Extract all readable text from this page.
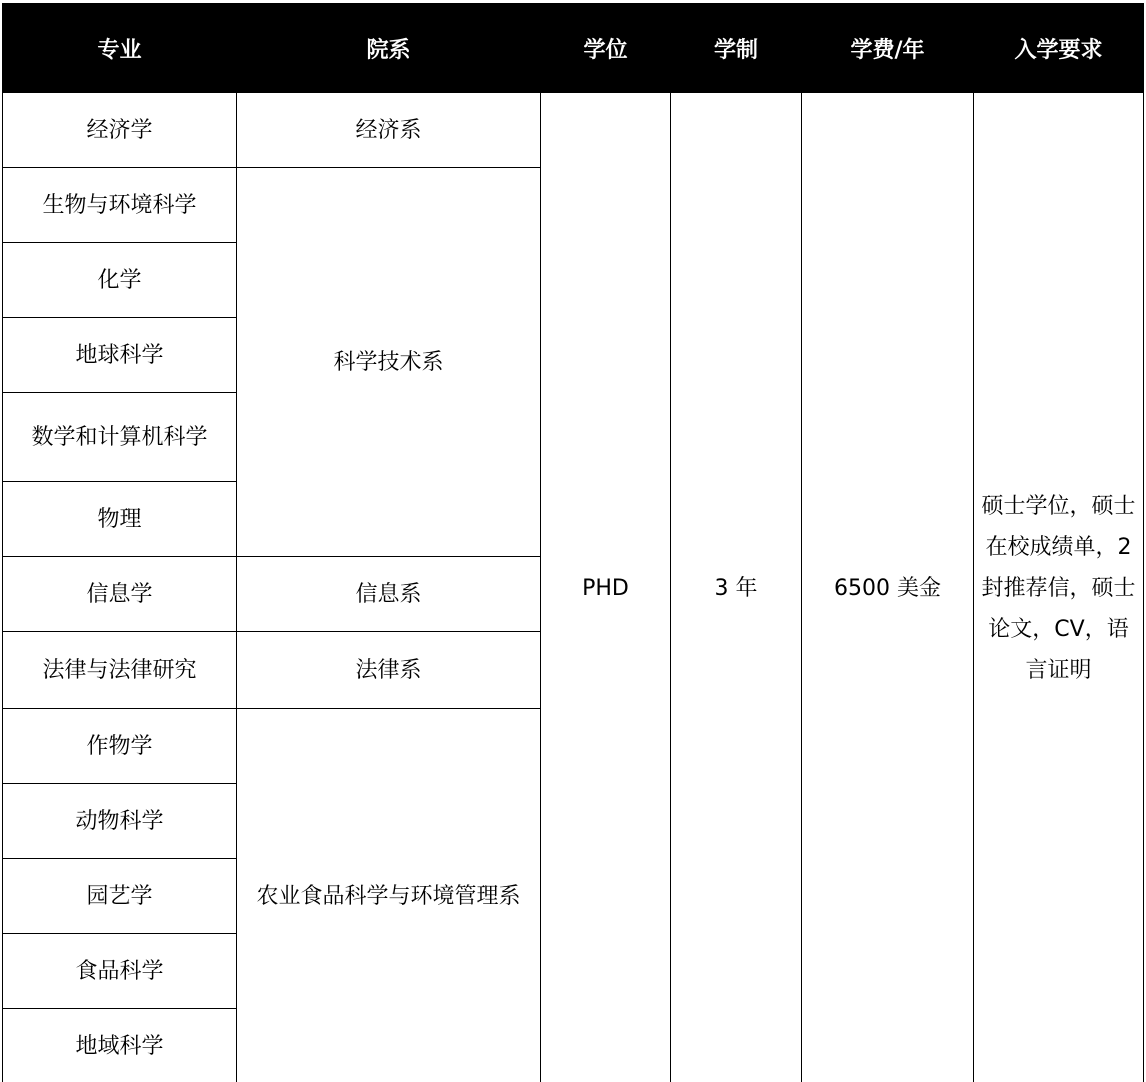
专业	院系	学位	学制	学费/年	入学要求
经济学	经济系	PHD	3 年	6500 美金	硕士学位，硕士在校成绩单，2 封推荐信，硕士论文，CV，语言证明
生物与环境科学	科学技术系				
化学					
地球科学					
数学和计算机科学					
物理					
信息学	信息系				
法律与法律研究	法律系				
作物学	农业食品科学与环境管理系				
动物科学					
园艺学					
食品科学					
地域科学					
